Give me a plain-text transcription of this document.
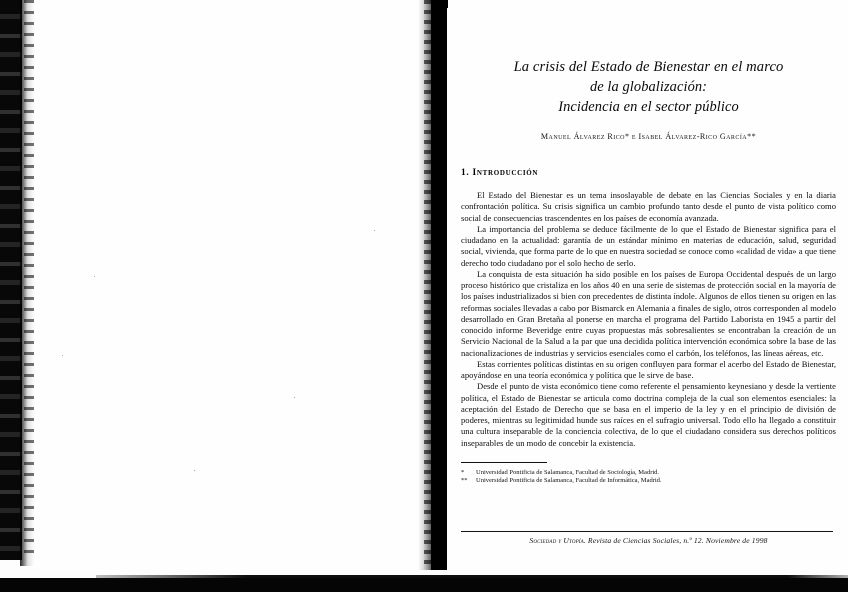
La crisis del Estado de Bienestar en el marco
de la globalización:
Incidencia en el sector público
Manuel Álvarez Rico* e Isabel Álvarez-Rico García**
1. Introducción

El Estado del Bienestar es un tema insoslayable de debate en las Ciencias Sociales y en la diaria confrontación política. Su crisis significa un cambio profundo tanto desde el punto de vista político como social de consecuencias trascendentes en los países de economía avanzada.

La importancia del problema se deduce fácilmente de lo que el Estado de Bienestar significa para el ciudadano en la actualidad: garantía de un estándar mínimo en materias de educación, salud, seguridad social, vivienda, que forma parte de lo que en nuestra sociedad se conoce como «calidad de vida» a que tiene derecho todo ciudadano por el solo hecho de serlo.

La conquista de esta situación ha sido posible en los países de Europa Occidental después de un largo proceso histórico que cristaliza en los años 40 en una serie de sistemas de protección social en la mayoría de los países industrializados si bien con precedentes de distinta índole. Algunos de ellos tienen su origen en las reformas sociales llevadas a cabo por Bismarck en Alemania a finales de siglo, otros corresponden al modelo desarrollado en Gran Bretaña al ponerse en marcha el programa del Partido Laborista en 1945 a partir del conocido informe Beveridge entre cuyas propuestas más sobresalientes se encontraban la creación de un Servicio Nacional de la Salud a la par que una decidida política intervención económica sobre la base de las nacionalizaciones de industrias y servicios esenciales como el carbón, los teléfonos, las líneas aéreas, etc.

Estas corrientes políticas distintas en su origen confluyen para formar el acerbo del Estado de Bienestar, apoyándose en una teoría económica y política que le sirve de base.

Desde el punto de vista económico tiene como referente el pensamiento keynesiano y desde la vertiente política, el Estado de Bienestar se articula como doctrina compleja de la cual son elementos esenciales: la aceptación del Estado de Derecho que se basa en el imperio de la ley y en el principio de división de poderes, mientras su legitimidad hunde sus raíces en el sufragio universal. Todo ello ha llegado a constituir una cultura inseparable de la conciencia colectiva, de lo que el ciudadano considera sus derechos políticos inseparables de un modo de concebir la existencia.

*	Universidad Pontificia de Salamanca, Facultad de Sociología, Madrid.
**	Universidad Pontificia de Salamanca, Facultad de Informática, Madrid.
Sociedad y Utopía. Revista de Ciencias Sociales, n.º 12. Noviembre de 1998
